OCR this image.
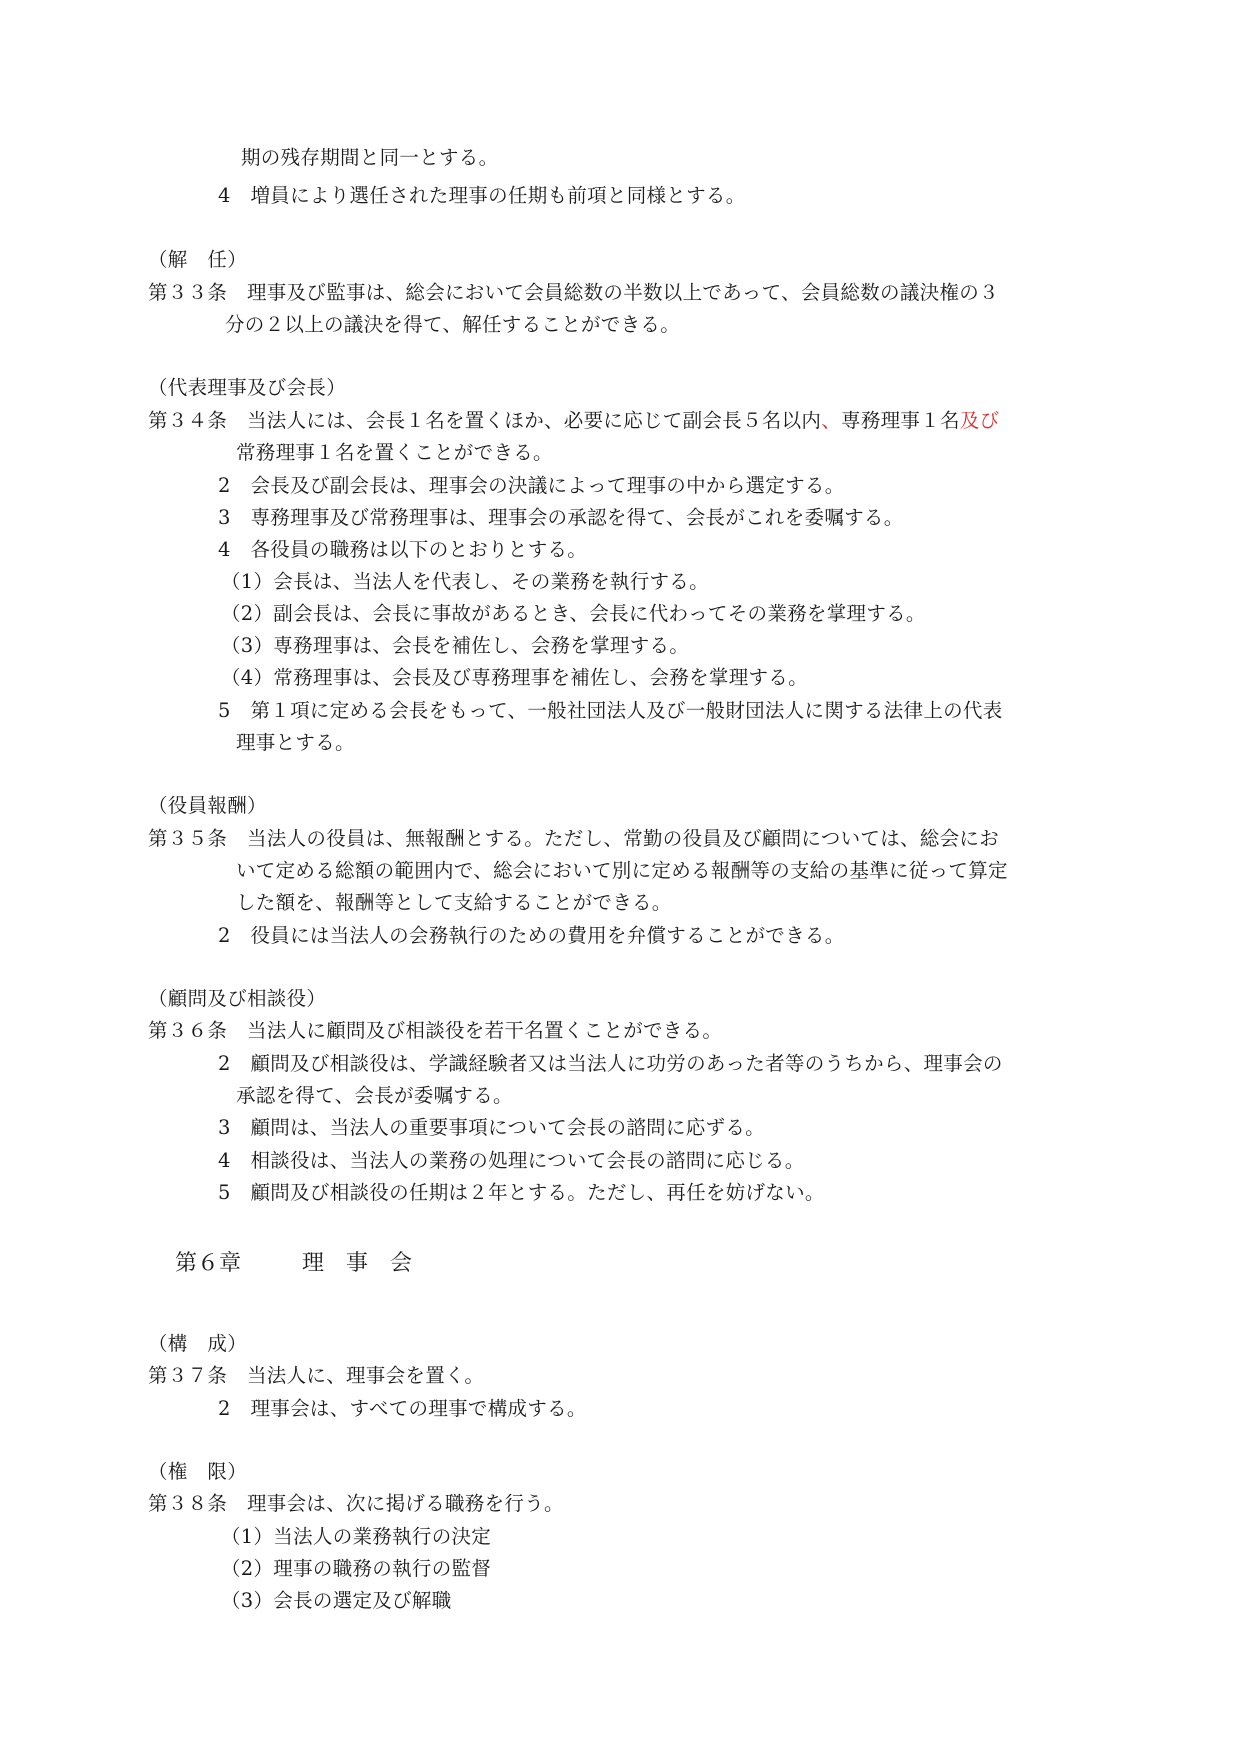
期の残存期間と同一とする。
4　増員により選任された理事の任期も前項と同様とする。
（解　任）
第３３条　理事及び監事は、総会において会員総数の半数以上であって、会員総数の議決権の３
分の２以上の議決を得て、解任することができる。
（代表理事及び会長）
第３４条　当法人には、会長１名を置くほか、必要に応じて副会長５名以内、専務理事１名及び
常務理事１名を置くことができる。
2　会長及び副会長は、理事会の決議によって理事の中から選定する。
3　専務理事及び常務理事は、理事会の承認を得て、会長がこれを委嘱する。
4　各役員の職務は以下のとおりとする。
（1）会長は、当法人を代表し、その業務を執行する。
（2）副会長は、会長に事故があるとき、会長に代わってその業務を掌理する。
（3）専務理事は、会長を補佐し、会務を掌理する。
（4）常務理事は、会長及び専務理事を補佐し、会務を掌理する。
5　第１項に定める会長をもって、一般社団法人及び一般財団法人に関する法律上の代表
理事とする。
（役員報酬）
第３５条　当法人の役員は、無報酬とする。ただし、常勤の役員及び顧問については、総会にお
いて定める総額の範囲内で、総会において別に定める報酬等の支給の基準に従って算定
した額を、報酬等として支給することができる。
2　役員には当法人の会務執行のための費用を弁償することができる。
（顧問及び相談役）
第３６条　当法人に顧問及び相談役を若干名置くことができる。
2　顧問及び相談役は、学識経験者又は当法人に功労のあった者等のうちから、理事会の
承認を得て、会長が委嘱する。
3　顧問は、当法人の重要事項について会長の諮問に応ずる。
4　相談役は、当法人の業務の処理について会長の諮問に応じる。
5　顧問及び相談役の任期は２年とする。ただし、再任を妨げない。
第６章	理　事　会
（構　成）
第３７条　当法人に、理事会を置く。
2　理事会は、すべての理事で構成する。
（権　限）
第３８条　理事会は、次に掲げる職務を行う。
（1）当法人の業務執行の決定
（2）理事の職務の執行の監督
（3）会長の選定及び解職
